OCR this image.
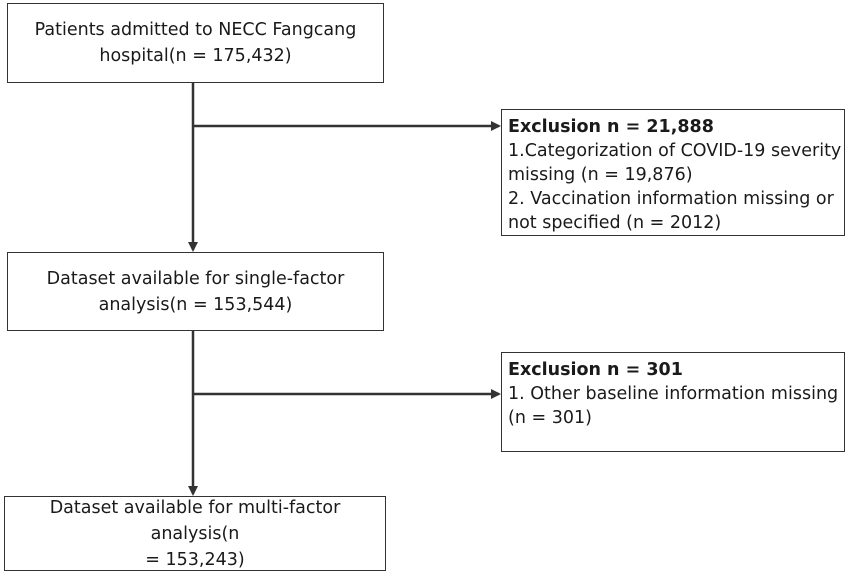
Patients admitted to NECC Fangcang
hospital(n = 175,432)
Exclusion n = 21,888
1.Categorization of COVID-19 severity
missing (n = 19,876)
2. Vaccination information missing or
not specified (n = 2012)
Dataset available for single-factor
analysis(n = 153,544)
Exclusion n = 301
1. Other baseline information missing
(n = 301)
Dataset available for multi-factor analysis(n
= 153,243)
